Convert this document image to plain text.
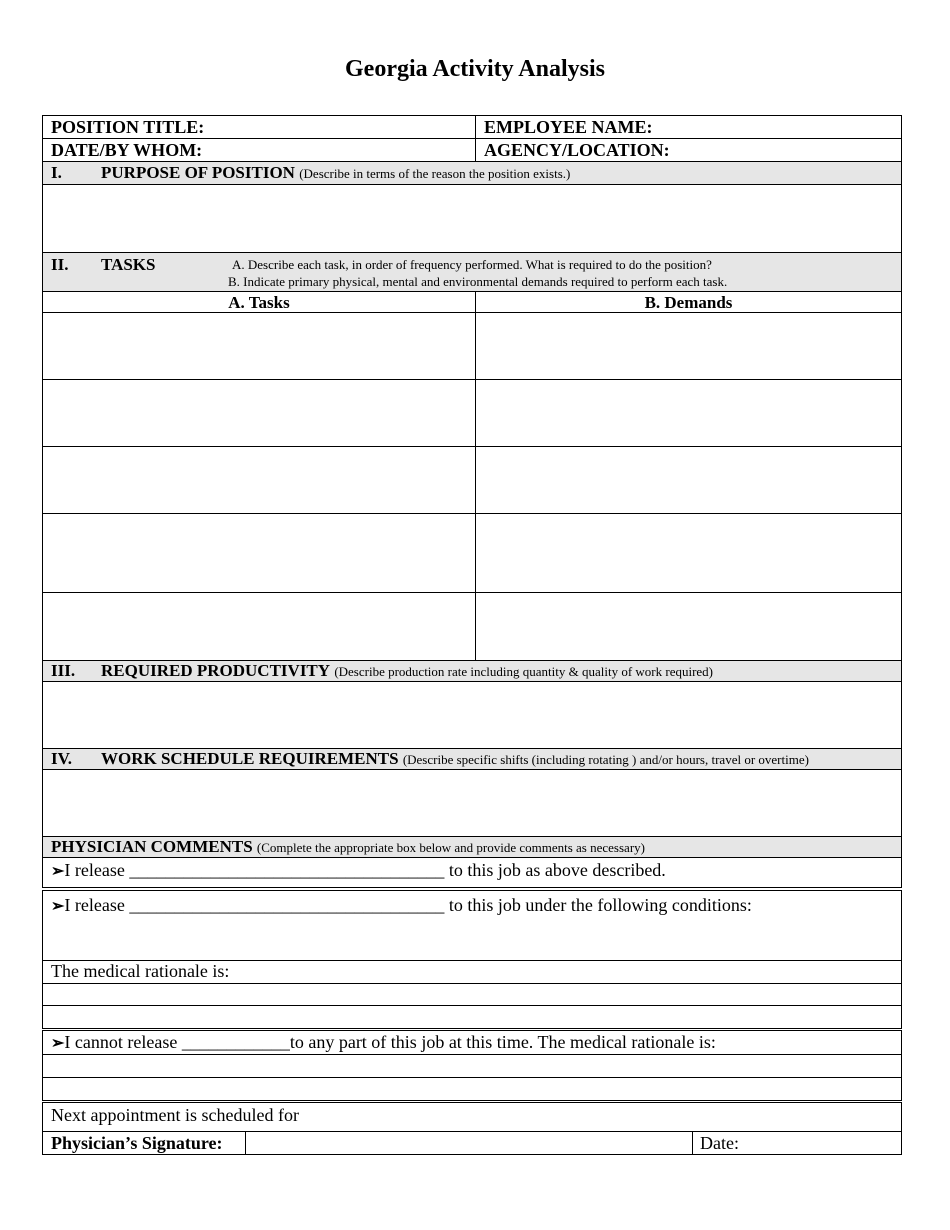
Georgia Activity Analysis
POSITION TITLE:	EMPLOYEE NAME:
DATE/BY WHOM:	AGENCY/LOCATION:
I. PURPOSE OF POSITION (Describe in terms of the reason the position exists.)
II. TASKS	A. Describe each task, in order of frequency performed. What is required to do the position?
B. Indicate primary physical, mental and environmental demands required to perform each task.
A. Tasks	B. Demands
III. REQUIRED PRODUCTIVITY (Describe production rate including quantity & quality of work required)
IV. WORK SCHEDULE REQUIREMENTS (Describe specific shifts (including rotating ) and/or hours, travel or overtime)
PHYSICIAN COMMENTS (Complete the appropriate box below and provide comments as necessary)
➢I release ___________________________________ to this job as above described.
➢I release ___________________________________ to this job under the following conditions:
The medical rationale is:
➢I cannot release ____________to any part of this job at this time. The medical rationale is:
Next appointment is scheduled for
Physician’s Signature:	Date:
